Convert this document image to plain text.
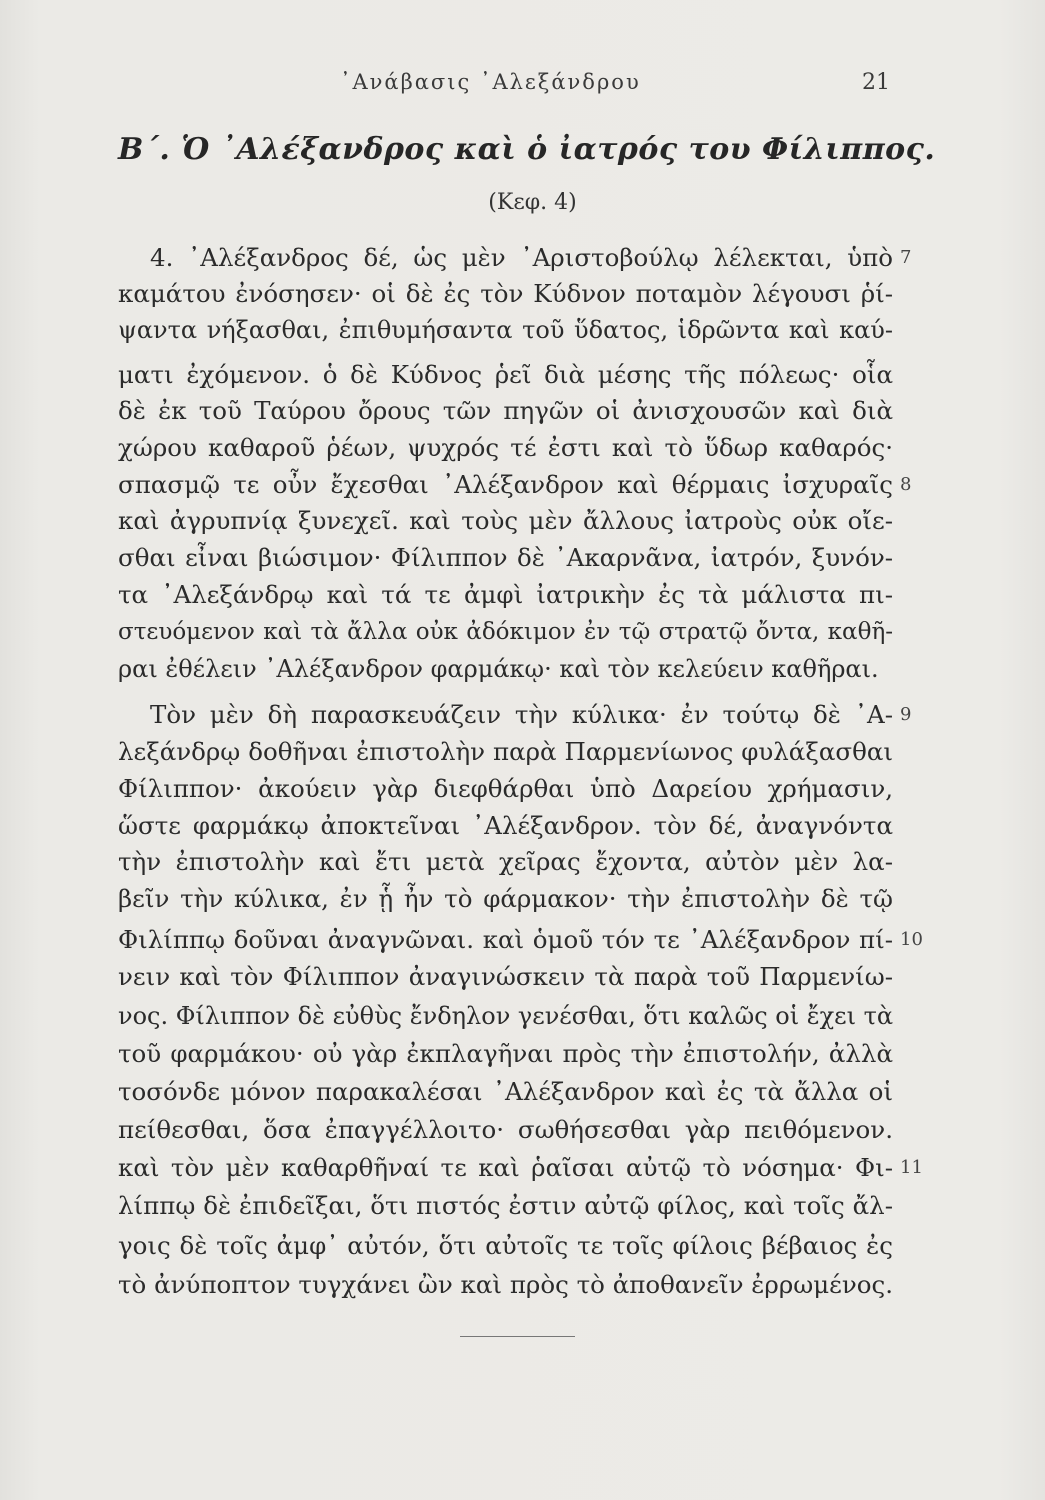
᾿Ανάβασις ᾿Αλεξάνδρου	21
Β΄. Ὁ ᾿Αλέξανδρος καὶ ὁ ἰατρός του Φίλιππος.
(Κεφ. 4)
4. ᾿Αλέξανδρος δέ, ὡς μὲν ᾿Αριστοβούλῳ λέλεκται, ὑπὸ
καμάτου ἐνόσησεν· οἱ δὲ ἐς τὸν Κύδνον ποταμὸν λέγουσι ῥί-
ψαντα νήξασθαι, ἐπιθυμήσαντα τοῦ ὕδατος, ἱδρῶντα καὶ καύ-
ματι ἐχόμενον. ὁ δὲ Κύδνος ῥεῖ διὰ μέσης τῆς πόλεως· οἷα
δὲ ἐκ τοῦ Ταύρου ὄρους τῶν πηγῶν οἱ ἀνισχουσῶν καὶ διὰ
χώρου καθαροῦ ῥέων, ψυχρός τέ ἐστι καὶ τὸ ὕδωρ καθαρός·
σπασμῷ τε οὖν ἔχεσθαι ᾿Αλέξανδρον καὶ θέρμαις ἰσχυραῖς
καὶ ἀγρυπνίᾳ ξυνεχεῖ. καὶ τοὺς μὲν ἄλλους ἰατροὺς οὐκ οἴε-
σθαι εἶναι βιώσιμον· Φίλιππον δὲ ᾿Ακαρνᾶνα, ἰατρόν, ξυνόν-
τα ᾿Αλεξάνδρῳ καὶ τά τε ἀμφὶ ἰατρικὴν ἐς τὰ μάλιστα πι-
στευόμενον καὶ τὰ ἄλλα οὐκ ἀδόκιμον ἐν τῷ στρατῷ ὄντα, καθῆ-
ραι ἐθέλειν ᾿Αλέξανδρον φαρμάκῳ· καὶ τὸν κελεύειν καθῆραι.
Τὸν μὲν δὴ παρασκευάζειν τὴν κύλικα· ἐν τούτῳ δὲ ᾿Α-
λεξάνδρῳ δοθῆναι ἐπιστολὴν παρὰ Παρμενίωνος φυλάξασθαι
Φίλιππον· ἀκούειν γὰρ διεφθάρθαι ὑπὸ Δαρείου χρήμασιν,
ὥστε φαρμάκῳ ἀποκτεῖναι ᾿Αλέξανδρον. τὸν δέ, ἀναγνόντα
τὴν ἐπιστολὴν καὶ ἔτι μετὰ χεῖρας ἔχοντα, αὐτὸν μὲν λα-
βεῖν τὴν κύλικα, ἐν ᾗ ἦν τὸ φάρμακον· τὴν ἐπιστολὴν δὲ τῷ
Φιλίππῳ δοῦναι ἀναγνῶναι. καὶ ὁμοῦ τόν τε ᾿Αλέξανδρον πί-
νειν καὶ τὸν Φίλιππον ἀναγινώσκειν τὰ παρὰ τοῦ Παρμενίω-
νος. Φίλιππον δὲ εὐθὺς ἔνδηλον γενέσθαι, ὅτι καλῶς οἱ ἔχει τὰ
τοῦ φαρμάκου· οὐ γὰρ ἐκπλαγῆναι πρὸς τὴν ἐπιστολήν, ἀλλὰ
τοσόνδε μόνον παρακαλέσαι ᾿Αλέξανδρον καὶ ἐς τὰ ἄλλα οἱ
πείθεσθαι, ὅσα ἐπαγγέλλοιτο· σωθήσεσθαι γὰρ πειθόμενον.
καὶ τὸν μὲν καθαρθῆναί τε καὶ ῥαῖσαι αὐτῷ τὸ νόσημα· Φι-
λίππῳ δὲ ἐπιδεῖξαι, ὅτι πιστός ἐστιν αὐτῷ φίλος, καὶ τοῖς ἄλ-
γοις δὲ τοῖς ἀμφ᾿ αὐτόν, ὅτι αὐτοῖς τε τοῖς φίλοις βέβαιος ἐς
τὸ ἀνύποπτον τυγχάνει ὢν καὶ πρὸς τὸ ἀποθανεῖν ἐρρωμένος.
7
8
9
10
11
